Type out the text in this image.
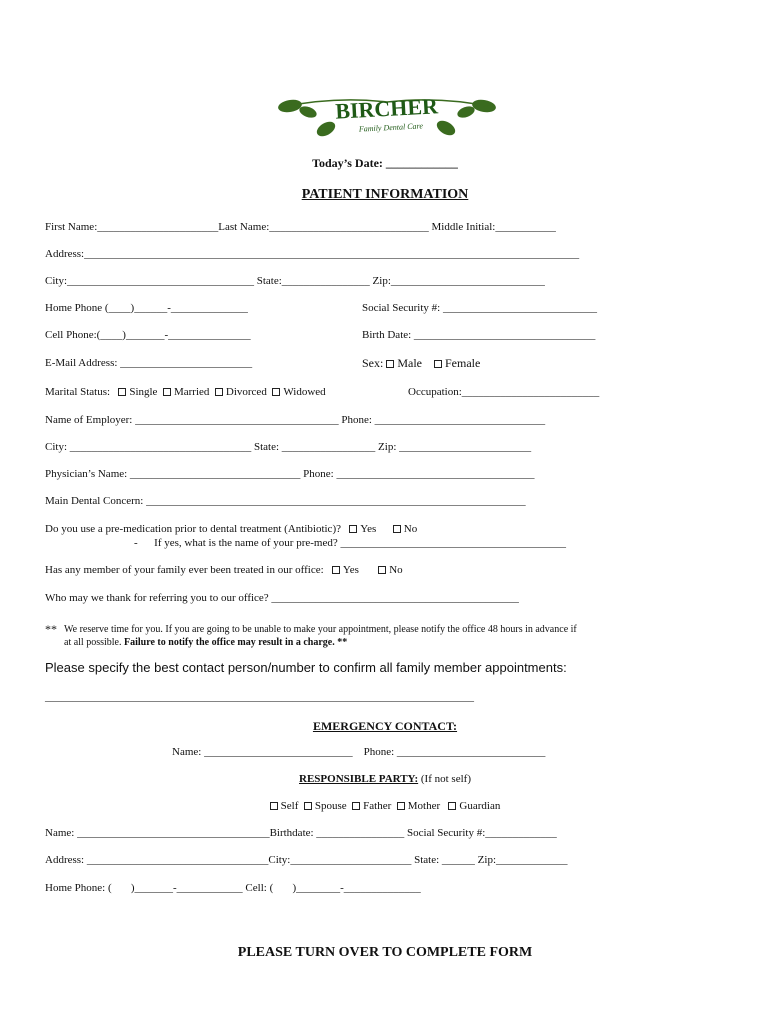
BIRCHER
Family Dental Care
Today’s Date: ____________
PATIENT INFORMATION
First Name:______________________Last Name:_____________________________ Middle Initial:___________
Address:__________________________________________________________________________________________
City:__________________________________ State:________________ Zip:____________________________
Home Phone (____)______-______________	Social Security #: ____________________________
Cell Phone:(____)_______-_______________	Birth Date: _________________________________
E-Mail Address: ________________________	Sex: Male Female
Marital Status: Single Married Divorced Widowed	Occupation:_________________________
Name of Employer: _____________________________________ Phone: _______________________________
City: _________________________________ State: _________________ Zip: ________________________
Physician’s Name: _______________________________ Phone: ____________________________________
Main Dental Concern: _____________________________________________________________________
Do you use a pre-medication prior to dental treatment (Antibiotic)? Yes	No
-      If yes, what is the name of your pre-med? _________________________________________
Has any member of your family ever been treated in our office: Yes	No
Who may we thank for referring you to our office? _____________________________________________
** We reserve time for you. If you are going to be unable to make your appointment, please notify the office 48 hours in advance if
at all possible. Failure to notify the office may result in a charge. **
Please specify the best contact person/number to confirm all family member appointments:
______________________________________________________________________________
EMERGENCY CONTACT:
Name: ___________________________    Phone: ___________________________
RESPONSIBLE PARTY: (If not self)
Self Spouse Father Mother Guardian
Name: ___________________________________Birthdate: ________________ Social Security #:_____________
Address: _________________________________City:______________________ State: ______ Zip:_____________
Home Phone: (       )_______-____________ Cell: (       )________-______________
PLEASE TURN OVER TO COMPLETE FORM
